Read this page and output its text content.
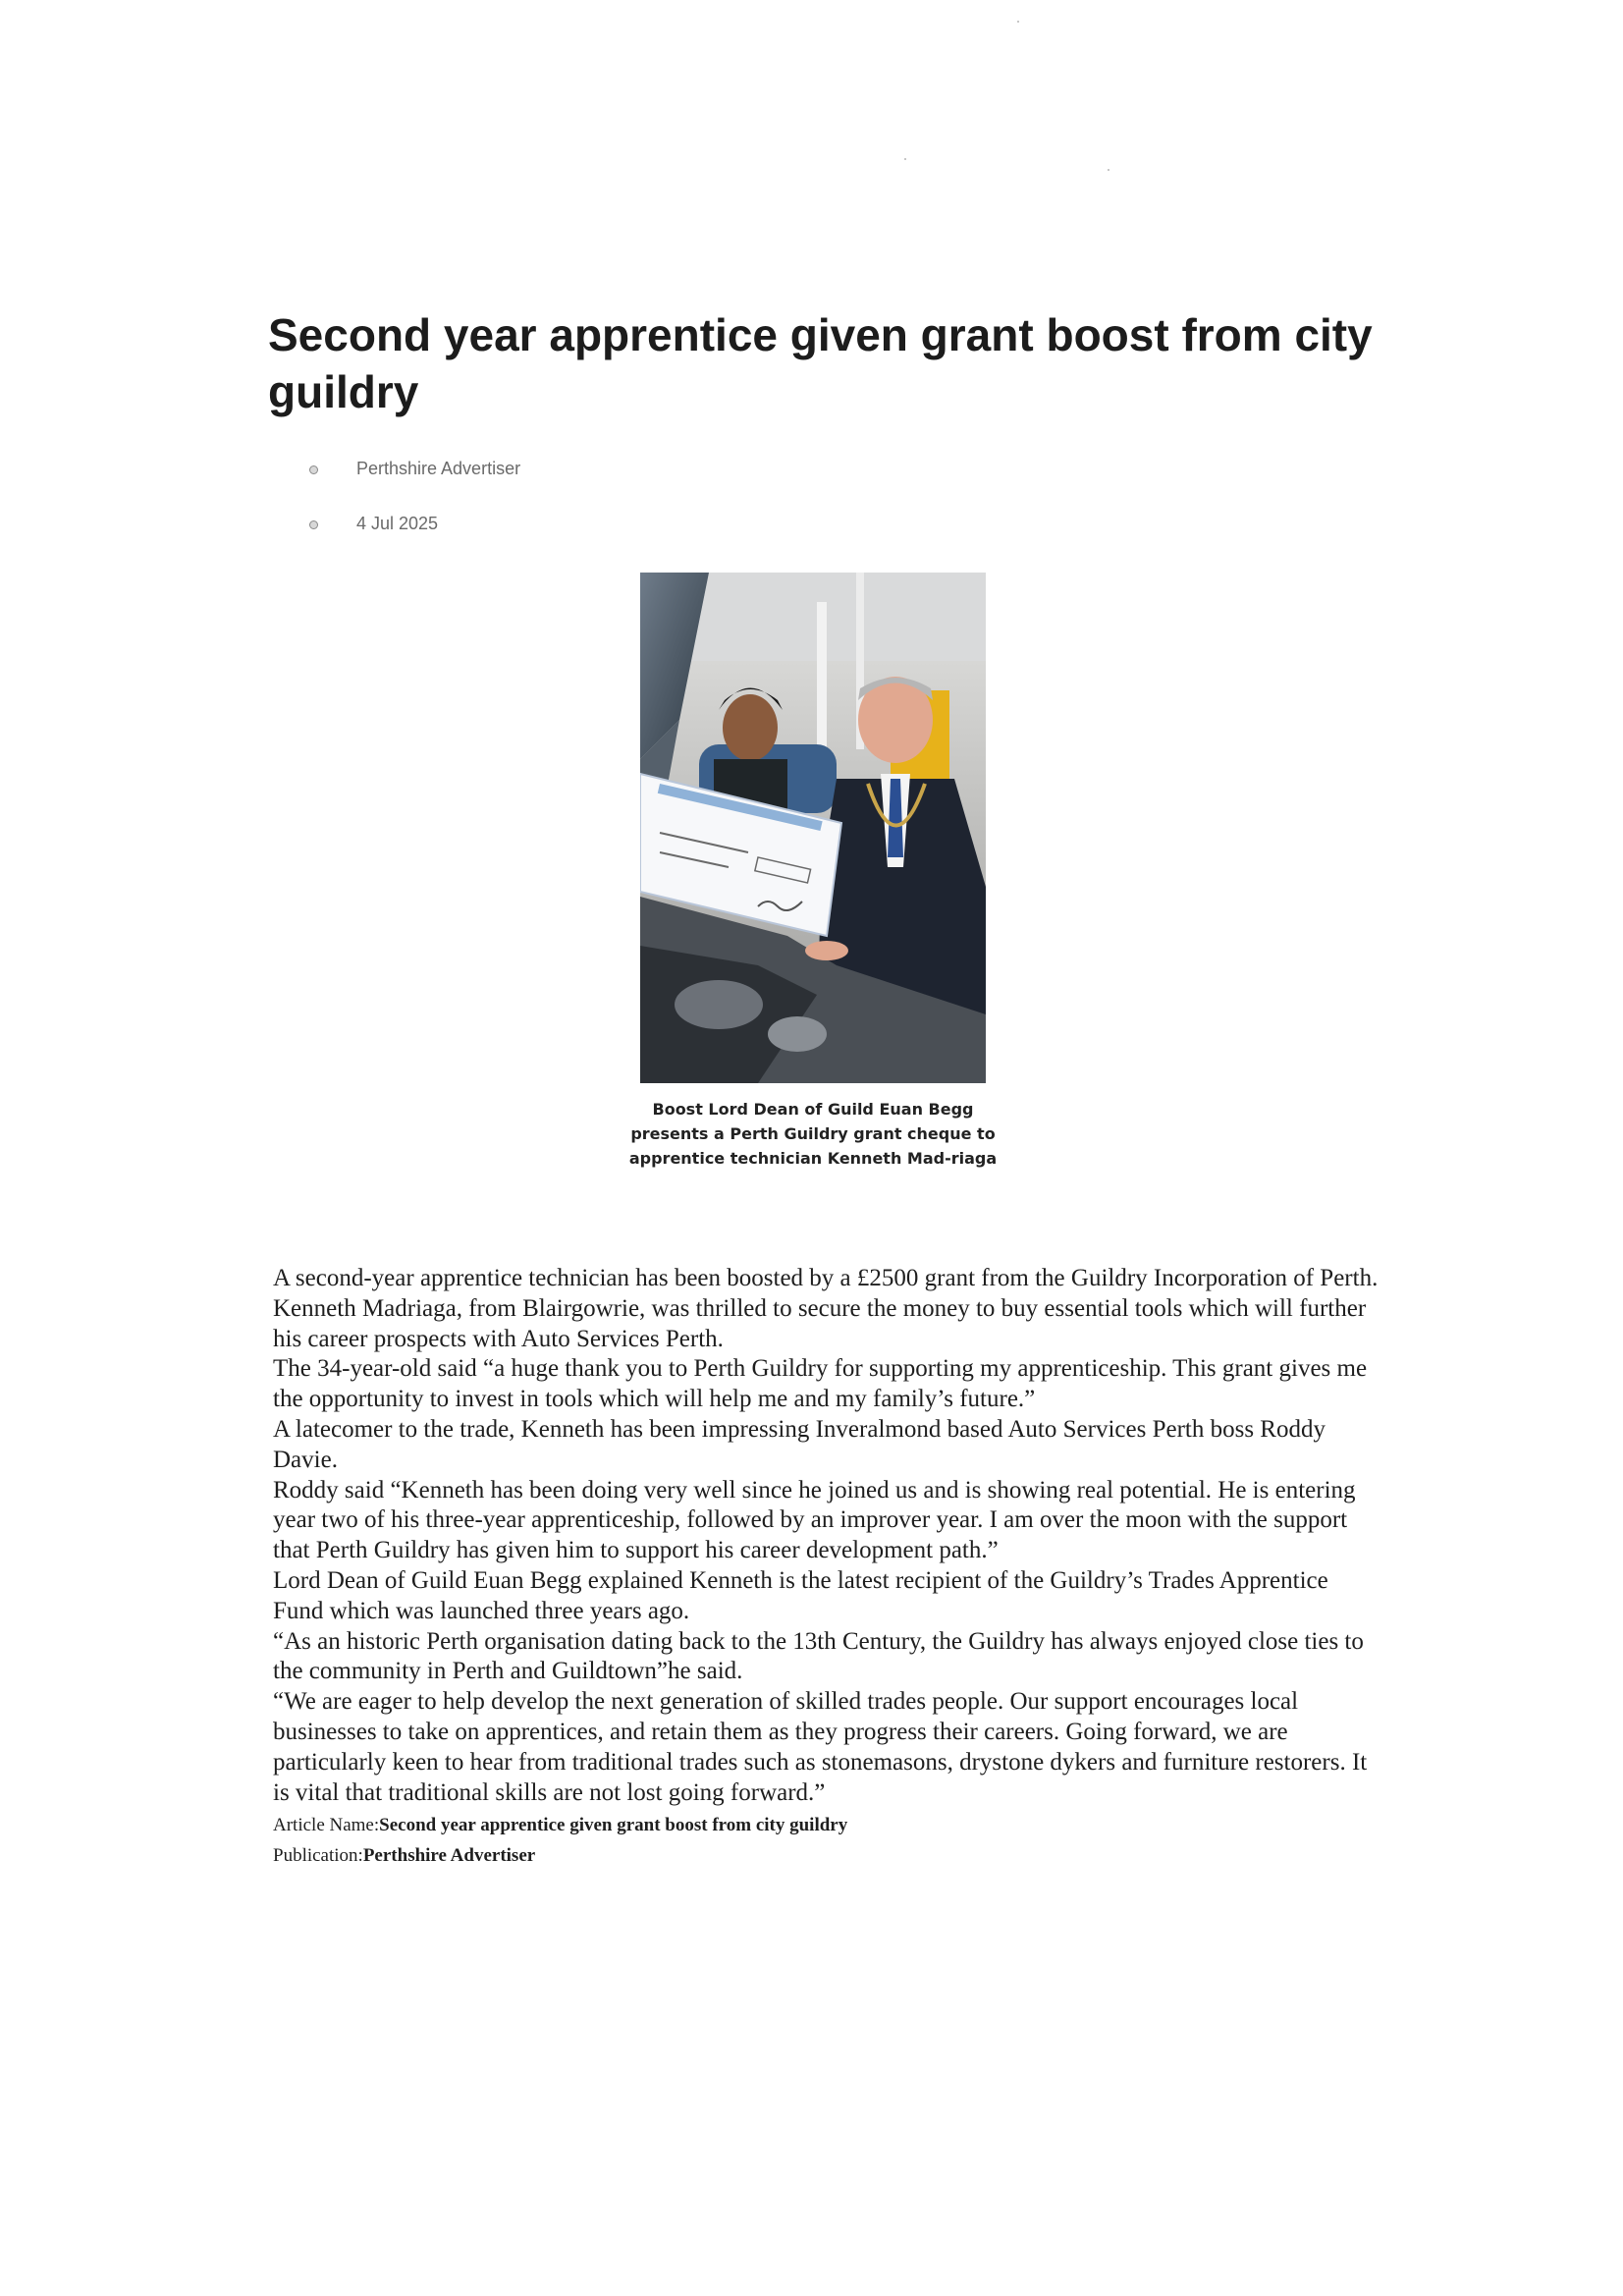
Second year apprentice given grant boost from city guildry
Perthshire Advertiser
4 Jul 2025
Boost Lord Dean of Guild Euan Begg presents a Perth Guildry grant cheque to apprentice technician Kenneth Mad-riaga

A second-year apprentice technician has been boosted by a £2500 grant from the Guildry Incorporation of Perth.

Kenneth Madriaga, from Blairgowrie, was thrilled to secure the money to buy essential tools which will further his career prospects with Auto Services Perth.

The 34-year-old said “a huge thank you to Perth Guildry for supporting my apprenticeship. This grant gives me the opportunity to invest in tools which will help me and my family’s future.”

A latecomer to the trade, Kenneth has been impressing Inveralmond based Auto Services Perth boss Roddy Davie.

Roddy said “Kenneth has been doing very well since he joined us and is showing real potential. He is entering year two of his three-year apprenticeship, followed by an improver year. I am over the moon with the support that Perth Guildry has given him to support his career development path.”

Lord Dean of Guild Euan Begg explained Kenneth is the latest recipient of the Guildry’s Trades Apprentice Fund which was launched three years ago.

“As an historic Perth organisation dating back to the 13th Century, the Guildry has always enjoyed close ties to the community in Perth and Guildtown”he said.

“We are eager to help develop the next generation of skilled trades people. Our support encourages local businesses to take on apprentices, and retain them as they progress their careers. Going forward, we are particularly keen to hear from traditional trades such as stonemasons, drystone dykers and furniture restorers. It is vital that traditional skills are not lost going forward.”

Article Name:Second year apprentice given grant boost from city guildry
Publication:Perthshire Advertiser
